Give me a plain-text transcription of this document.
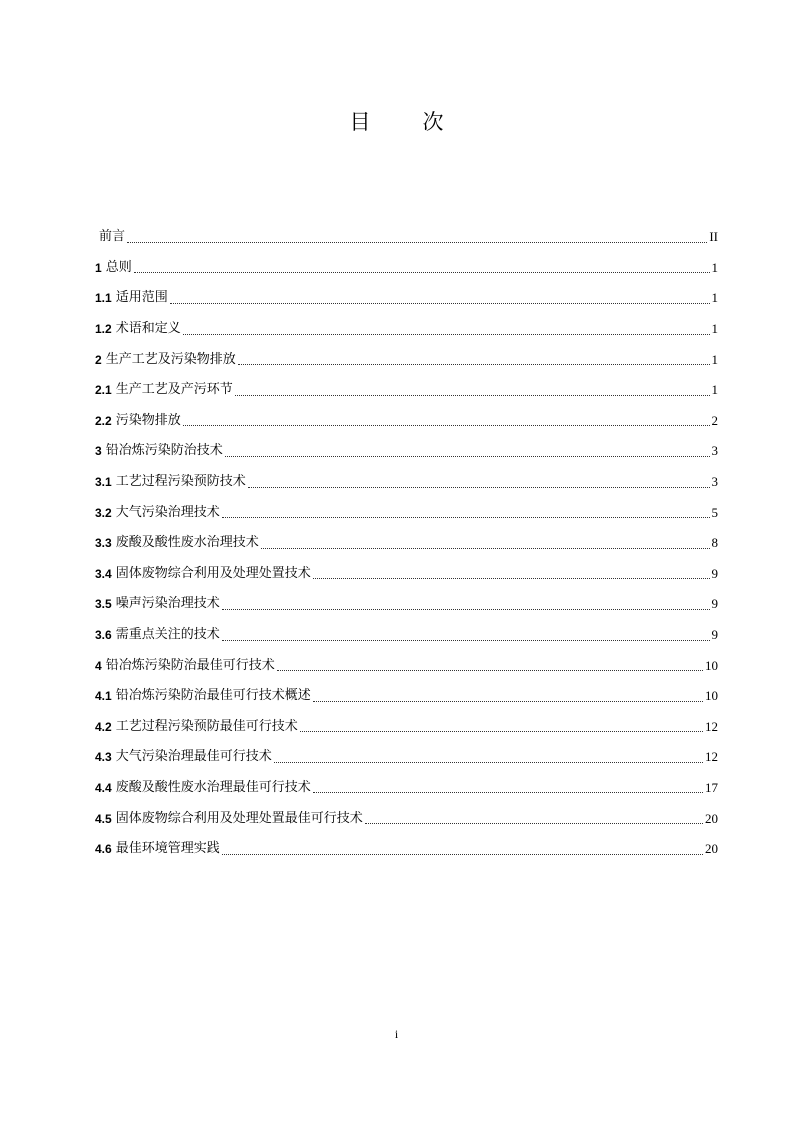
目 次
前言	II
1 总则	1
1.1 适用范围	1
1.2 术语和定义	1
2 生产工艺及污染物排放	1
2.1 生产工艺及产污环节	1
2.2 污染物排放	2
3 铅冶炼污染防治技术	3
3.1 工艺过程污染预防技术	3
3.2 大气污染治理技术	5
3.3 废酸及酸性废水治理技术	8
3.4 固体废物综合利用及处理处置技术	9
3.5 噪声污染治理技术	9
3.6 需重点关注的技术	9
4 铅冶炼污染防治最佳可行技术	10
4.1 铅冶炼污染防治最佳可行技术概述	10
4.2 工艺过程污染预防最佳可行技术	12
4.3 大气污染治理最佳可行技术	12
4.4 废酸及酸性废水治理最佳可行技术	17
4.5 固体废物综合利用及处理处置最佳可行技术	20
4.6 最佳环境管理实践	20
i
